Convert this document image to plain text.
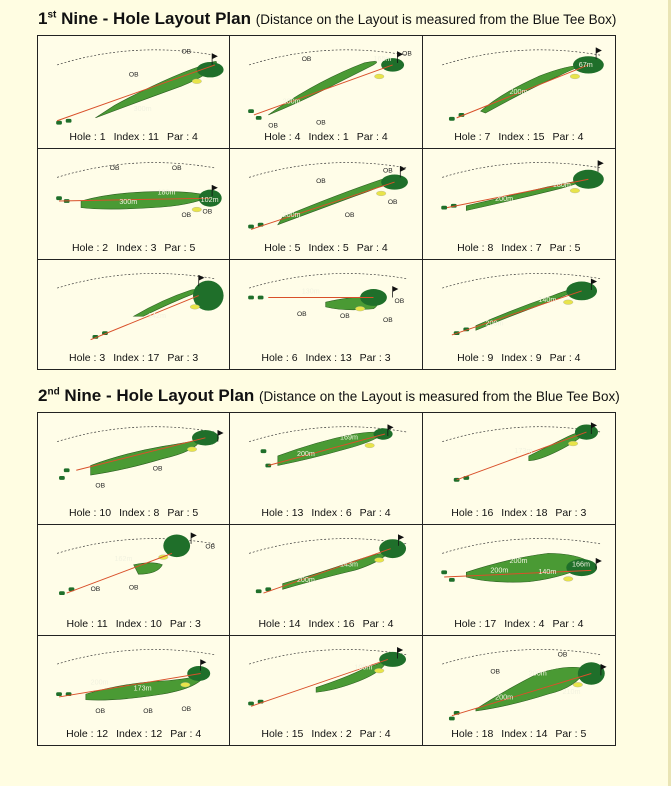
1st Nine - Hole Layout Plan (Distance on the Layout is measured from the Blue Tee Box)
300m
OB
OB
Hole : 1 Index : 11 Par : 4
165m
200m
OB
OB
OB	OB
Hole : 4 Index : 1 Par : 4
200m
67m
Hole : 7 Index : 15 Par : 4
300m
180m
102m
OB	OB
OB
OB
Hole : 2 Index : 3 Par : 5
200m
OB
OB
OB
OB
Hole : 5 Index : 5 Par : 4
200m
180m
Hole : 8 Index : 7 Par : 5
142m
Hole : 3 Index : 17 Par : 3
130m
OB	OB
OB
OB
Hole : 6 Index : 13 Par : 3
200m
140m
Hole : 9 Index : 9 Par : 4
2nd Nine - Hole Layout Plan (Distance on the Layout is measured from the Blue Tee Box)
OB
OB
Hole : 10 Index : 8 Par : 5
200m
169m
Hole : 13 Index : 6 Par : 4
173m
Hole : 16 Index : 18 Par : 3
162m
OB	OB
OB
Hole : 11 Index : 10 Par : 3
200m
143m
Hole : 14 Index : 16 Par : 4
200m
200m	140m
166m
Hole : 17 Index : 4 Par : 4
200m
173m
OB	OB	OB
Hole : 12 Index : 12 Par : 4
108m
Hole : 15 Index : 2 Par : 4
200m
210m
200m
OB
OB
Hole : 18 Index : 14 Par : 5
